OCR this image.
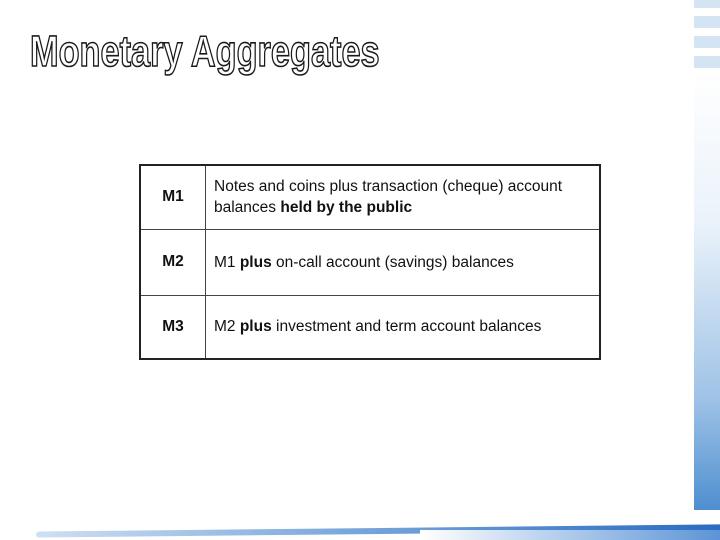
Monetary Aggregates
M1	Notes and coins plus transaction (cheque) account balances held by the public
M2	M1 plus on-call account (savings) balances
M3	M2 plus investment and term account balances
